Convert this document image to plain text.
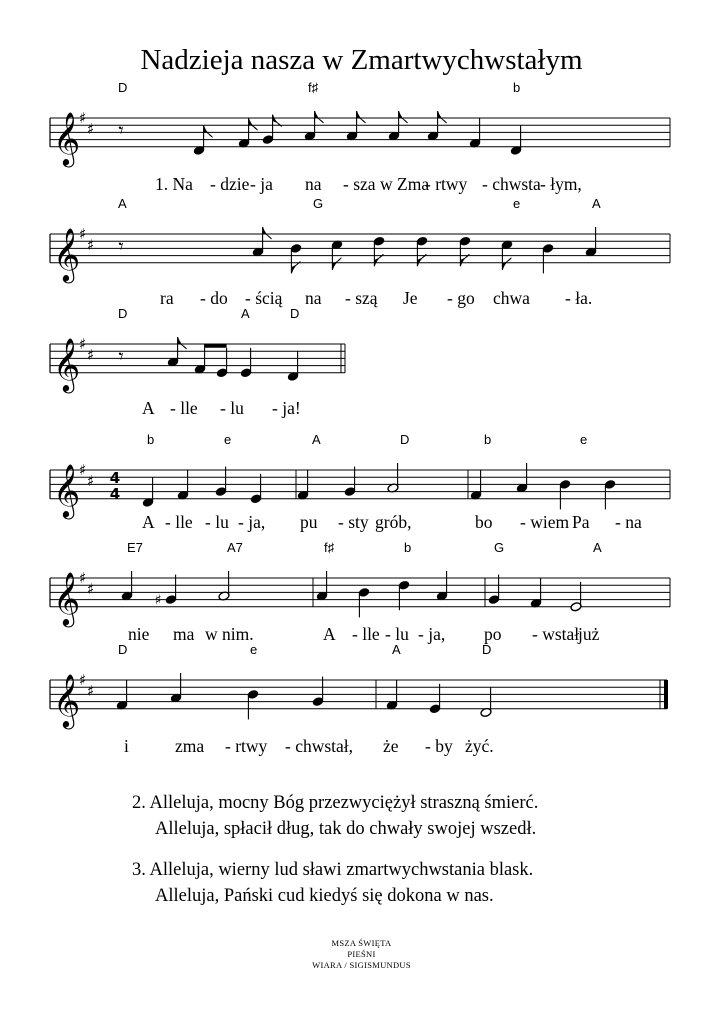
Nadzieja nasza w Zmartwychwstałym
𝄞
♯
♯ 𝄾
D	f♯	b
1. Na - dzie - ja na - sza w Zma
- rtwy - chwsta - łym,
𝄞
♯
♯ 𝄾
A	G	e	A
ra - do - ścią na - szą Je - go chwa - ła.
𝄞
♯
♯ 𝄾
D	A	D
A - lle - lu - ja!
𝄞
♯
♯ 4
4
b	e	A	D	b	e
A - lle - lu - ja, pu - sty grób,	bo - wiem Pa - na
𝄞
♯
♯
♯
E7	A7	f♯	b	G	A
nie ma w nim.	A - lle - lu - ja, po - wstał
już
𝄞
♯
♯
D	e	A	D
i	zma - rtwy - chwstał, że - by żyć.
2. Alleluja, mocny Bóg przezwyciężył straszną śmierć.
Alleluja, spłacił dług, tak do chwały swojej wszedł.
3. Alleluja, wierny lud sławi zmartwychwstania blask.
Alleluja, Pański cud kiedyś się dokona w nas.
MSZA ŚWIĘTA
PIEŚNI
WIARA / SIGISMUNDUS
